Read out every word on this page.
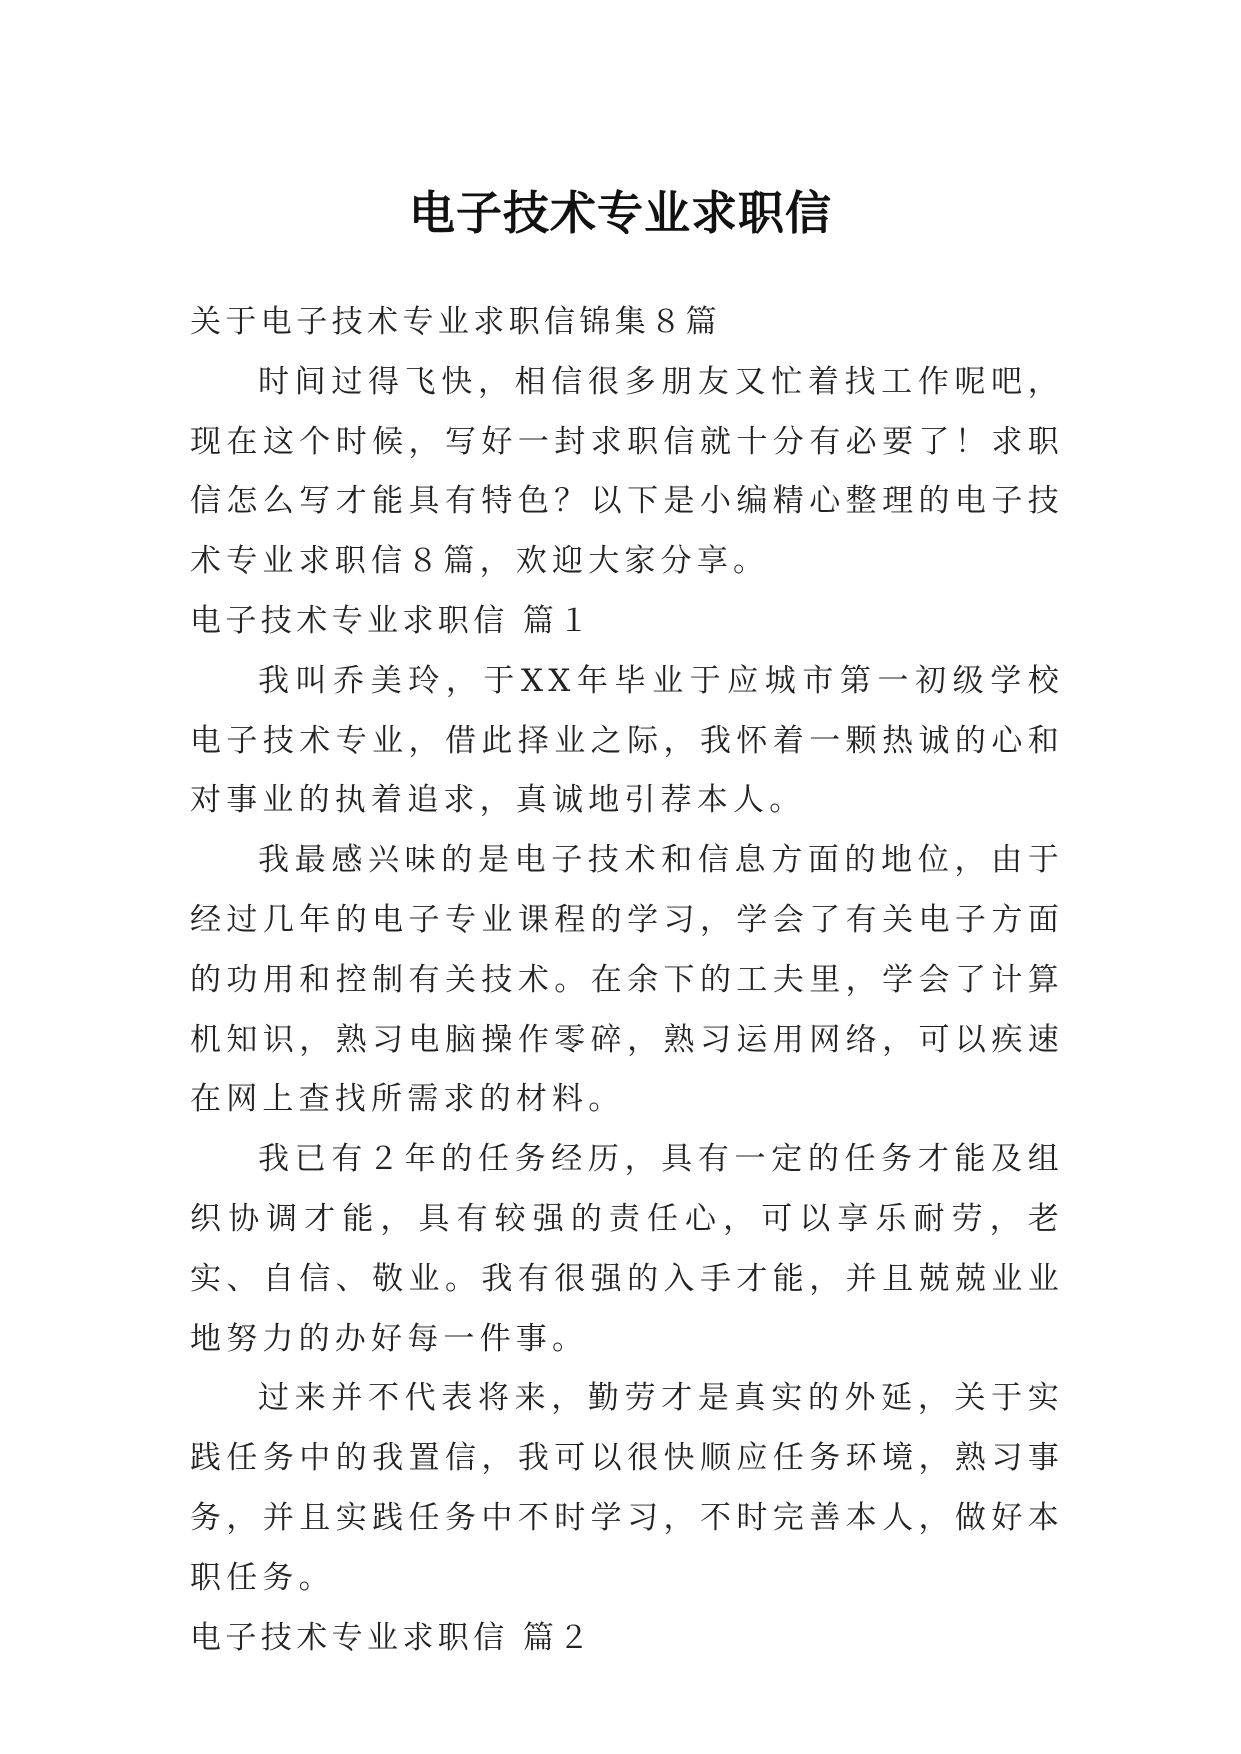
电子技术专业求职信

关于电子技术专业求职信锦集８篇

时间过得飞快，相信很多朋友又忙着找工作呢吧，现在这个时候，写好一封求职信就十分有必要了！求职信怎么写才能具有特色？以下是小编精心整理的电子技术专业求职信８篇，欢迎大家分享。

电子技术专业求职信 篇１

我叫乔美玲，于XX年毕业于应城市第一初级学校电子技术专业，借此择业之际，我怀着一颗热诚的心和对事业的执着追求，真诚地引荐本人。

我最感兴味的是电子技术和信息方面的地位，由于经过几年的电子专业课程的学习，学会了有关电子方面的功用和控制有关技术。在余下的工夫里，学会了计算机知识，熟习电脑操作零碎，熟习运用网络，可以疾速在网上查找所需求的材料。

我已有２年的任务经历，具有一定的任务才能及组织协调才能，具有较强的责任心，可以享乐耐劳，老实、自信、敬业。我有很强的入手才能，并且兢兢业业地努力的办好每一件事。

过来并不代表将来，勤劳才是真实的外延，关于实践任务中的我置信，我可以很快顺应任务环境，熟习事务，并且实践任务中不时学习，不时完善本人，做好本职任务。

电子技术专业求职信 篇２
